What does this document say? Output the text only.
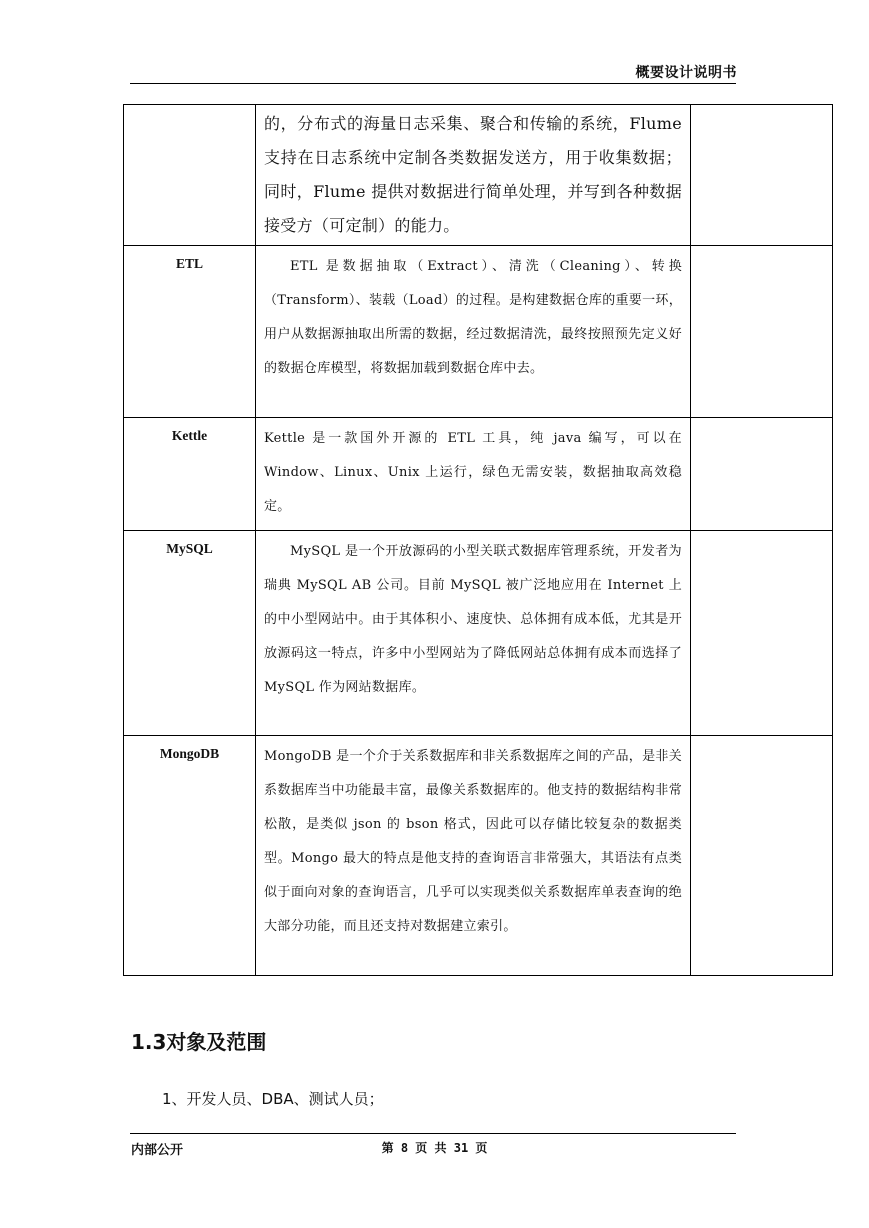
概要设计说明书

	的，分布式的海量日志采集、聚合和传输的系统，Flume 支持在日志系统中定制各类数据发送方，用于收集数据；同时，Flume 提供对数据进行简单处理，并写到各种数据接受方（可定制）的能力。	

ETL	ETL 是数据抽取（Extract）、清洗（Cleaning）、转换（Transform）、装载（Load）的过程。是构建数据仓库的重要一环，用户从数据源抽取出所需的数据，经过数据清洗，最终按照预先定义好的数据仓库模型，将数据加载到数据仓库中去。	

Kettle	Kettle 是一款国外开源的 ETL 工具，纯 java 编写，可以在 Window、Linux、Unix 上运行，绿色无需安装，数据抽取高效稳定。	

MySQL	MySQL 是一个开放源码的小型关联式数据库管理系统，开发者为瑞典 MySQL AB 公司。目前 MySQL 被广泛地应用在 Internet 上的中小型网站中。由于其体积小、速度快、总体拥有成本低，尤其是开放源码这一特点，许多中小型网站为了降低网站总体拥有成本而选择了 MySQL 作为网站数据库。	

MongoDB	MongoDB 是一个介于关系数据库和非关系数据库之间的产品，是非关系数据库当中功能最丰富，最像关系数据库的。他支持的数据结构非常松散，是类似 json 的 bson 格式，因此可以存储比较复杂的数据类型。Mongo 最大的特点是他支持的查询语言非常强大，其语法有点类似于面向对象的查询语言，几乎可以实现类似关系数据库单表查询的绝大部分功能，而且还支持对数据建立索引。	

1.3对象及范围
1、开发人员、DBA、测试人员；
内部公开	第 8 页 共 31 页
